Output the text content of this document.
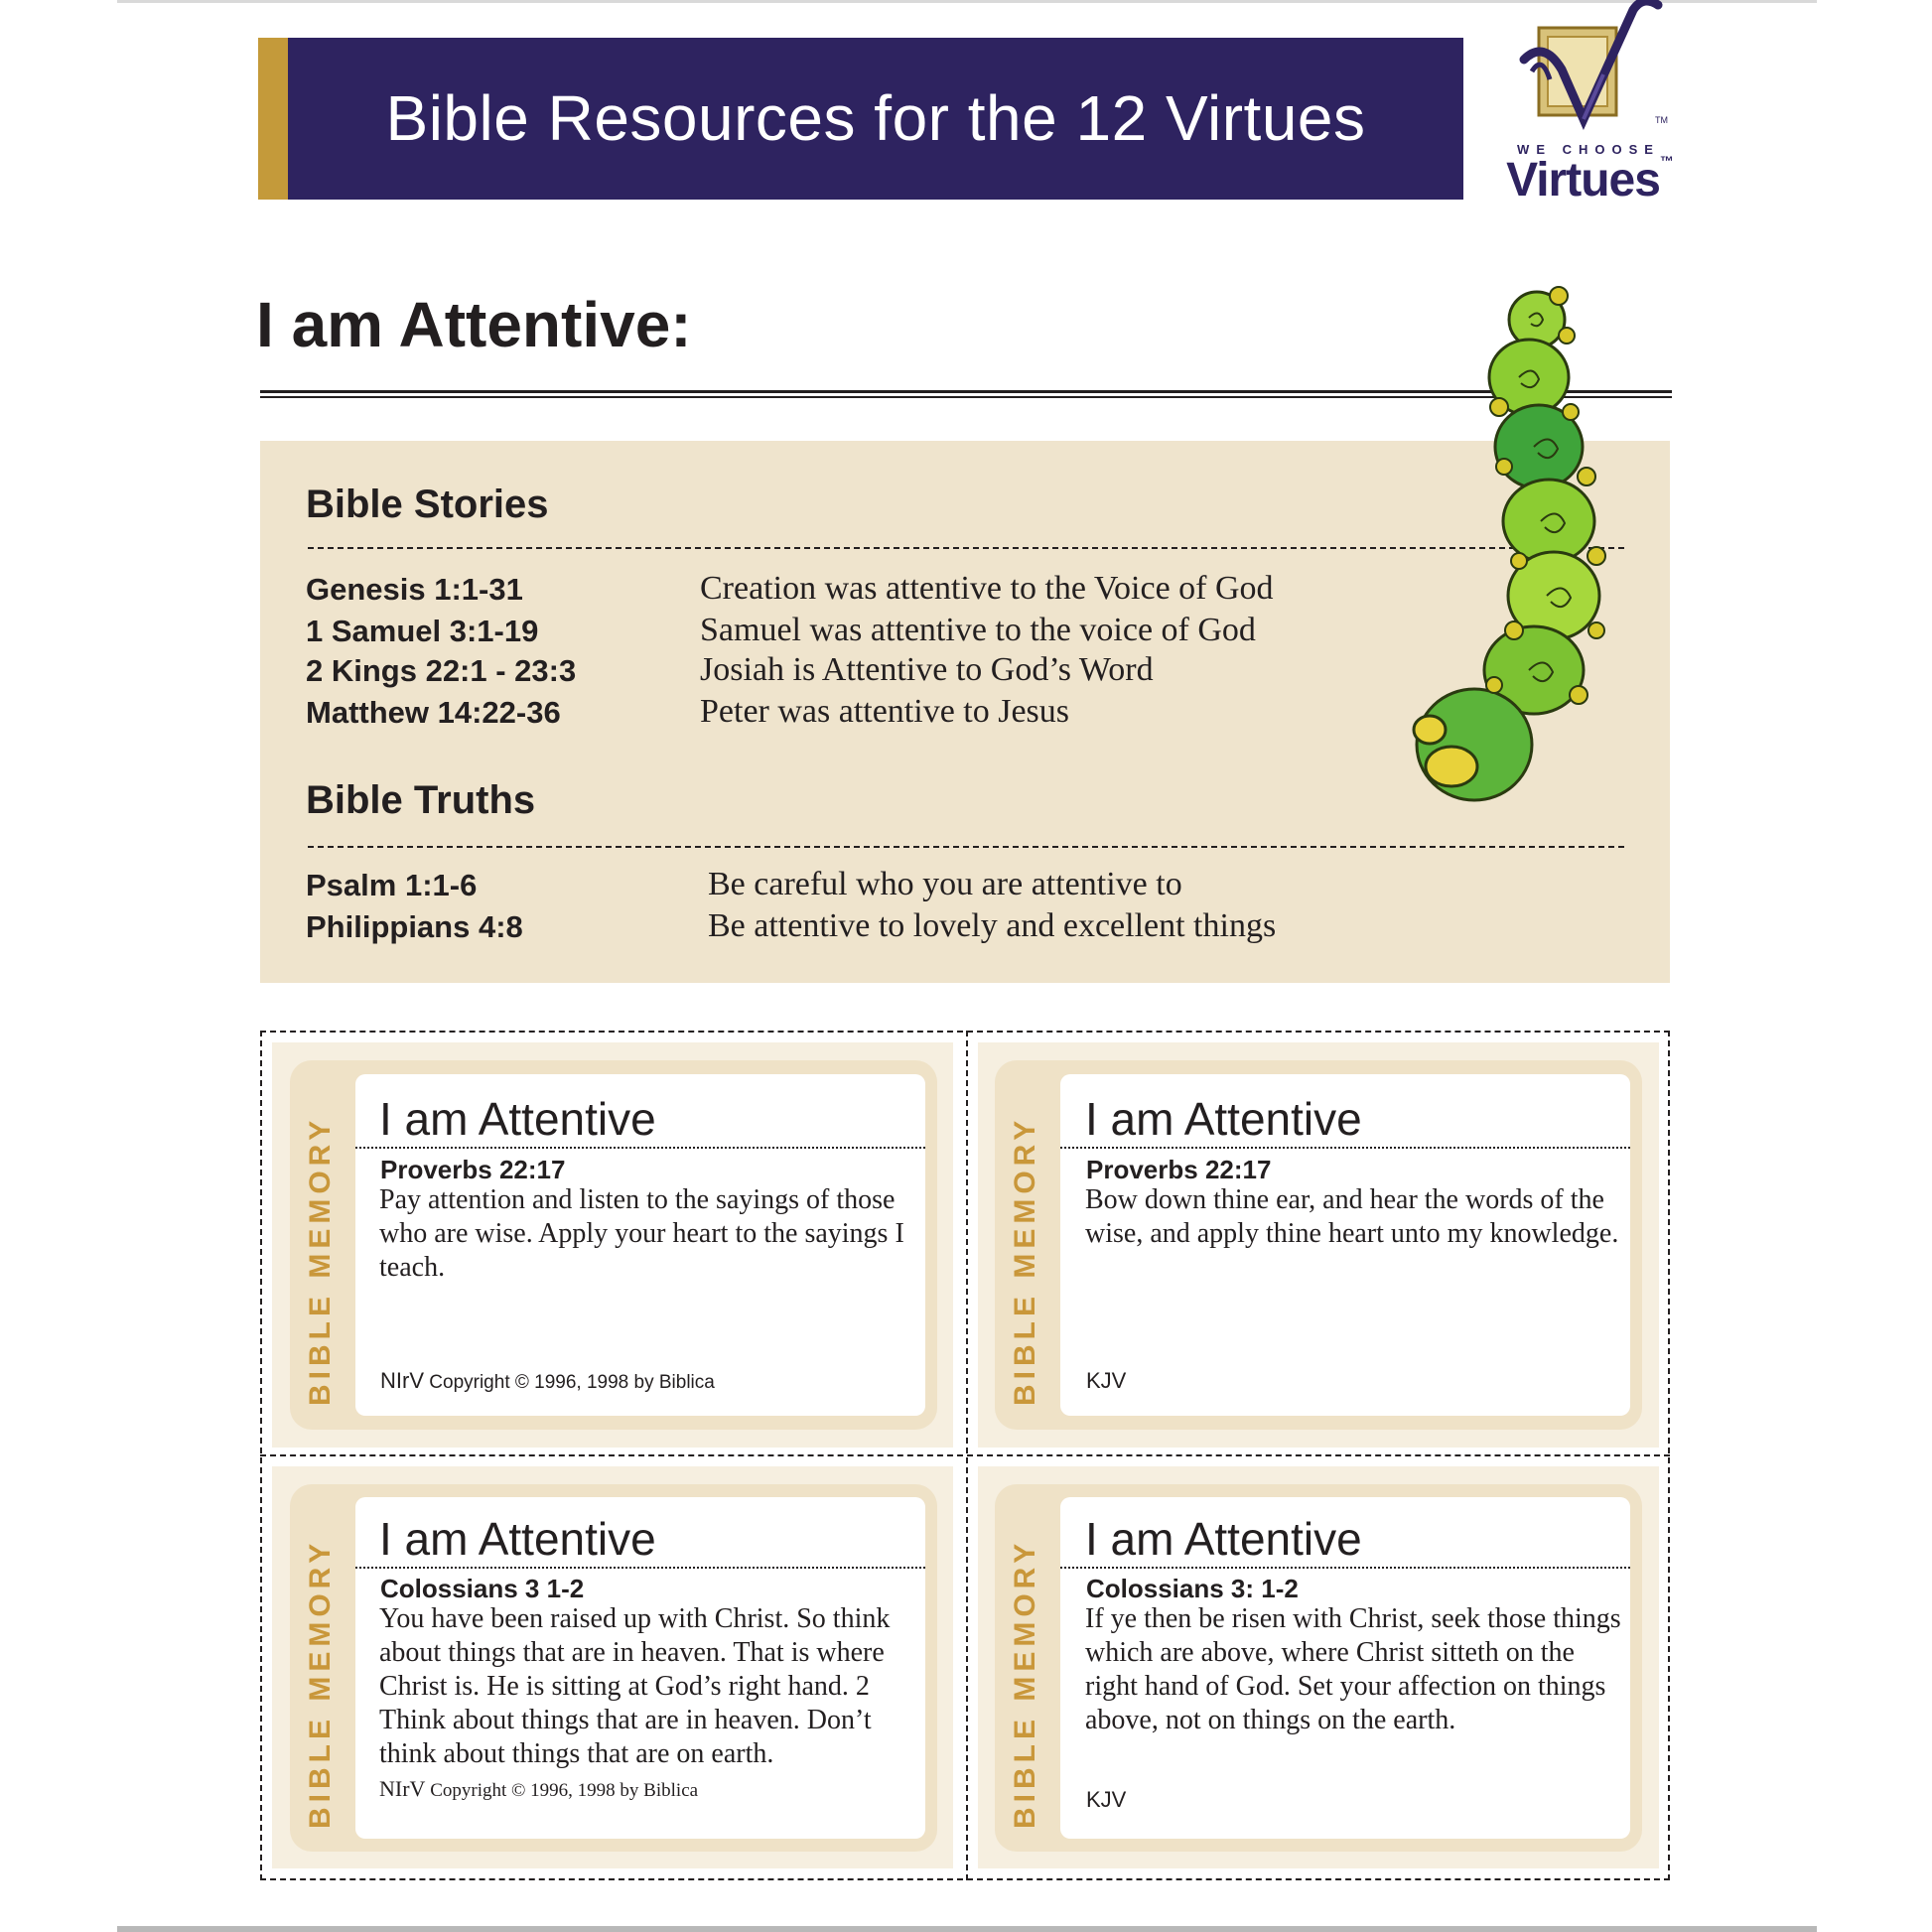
Bible Resources for the 12 Virtues	TM
WE CHOOSE
Virtues™
I am Attentive:
Bible Stories
Genesis 1:1-31	Creation was attentive to the Voice of God
1 Samuel 3:1-19	Samuel was attentive to the voice of God
2 Kings 22:1 - 23:3	Josiah is Attentive to God’s Word
Matthew 14:22-36	Peter was attentive to Jesus
Bible Truths
Psalm 1:1-6	Be careful who you are attentive to
Philippians 4:8	Be attentive to lovely and excellent things
BIBLE MEMORY I am Attentive
Proverbs 22:17
Pay attention and listen to the sayings of those who are wise. Apply your heart to the sayings I teach.
NIrV Copyright © 1996, 1998 by Biblica	BIBLE MEMORY I am Attentive
Proverbs 22:17
Bow down thine ear, and hear the words of the wise, and apply thine heart unto my knowledge.
KJV
BIBLE MEMORY I am Attentive
Colossians 3 1-2
You have been raised up with Christ. So think about things that are in heaven. That is where Christ is. He is sitting at God’s right hand. 2 Think about things that are in heaven. Don’t think about things that are on earth. NIrV Copyright © 1996, 1998 by Biblica	BIBLE MEMORY I am Attentive
Colossians 3: 1-2
If ye then be risen with Christ, seek those things which are above, where Christ sitteth on the right hand of God. Set your affection on things above, not on things on the earth.
KJV
